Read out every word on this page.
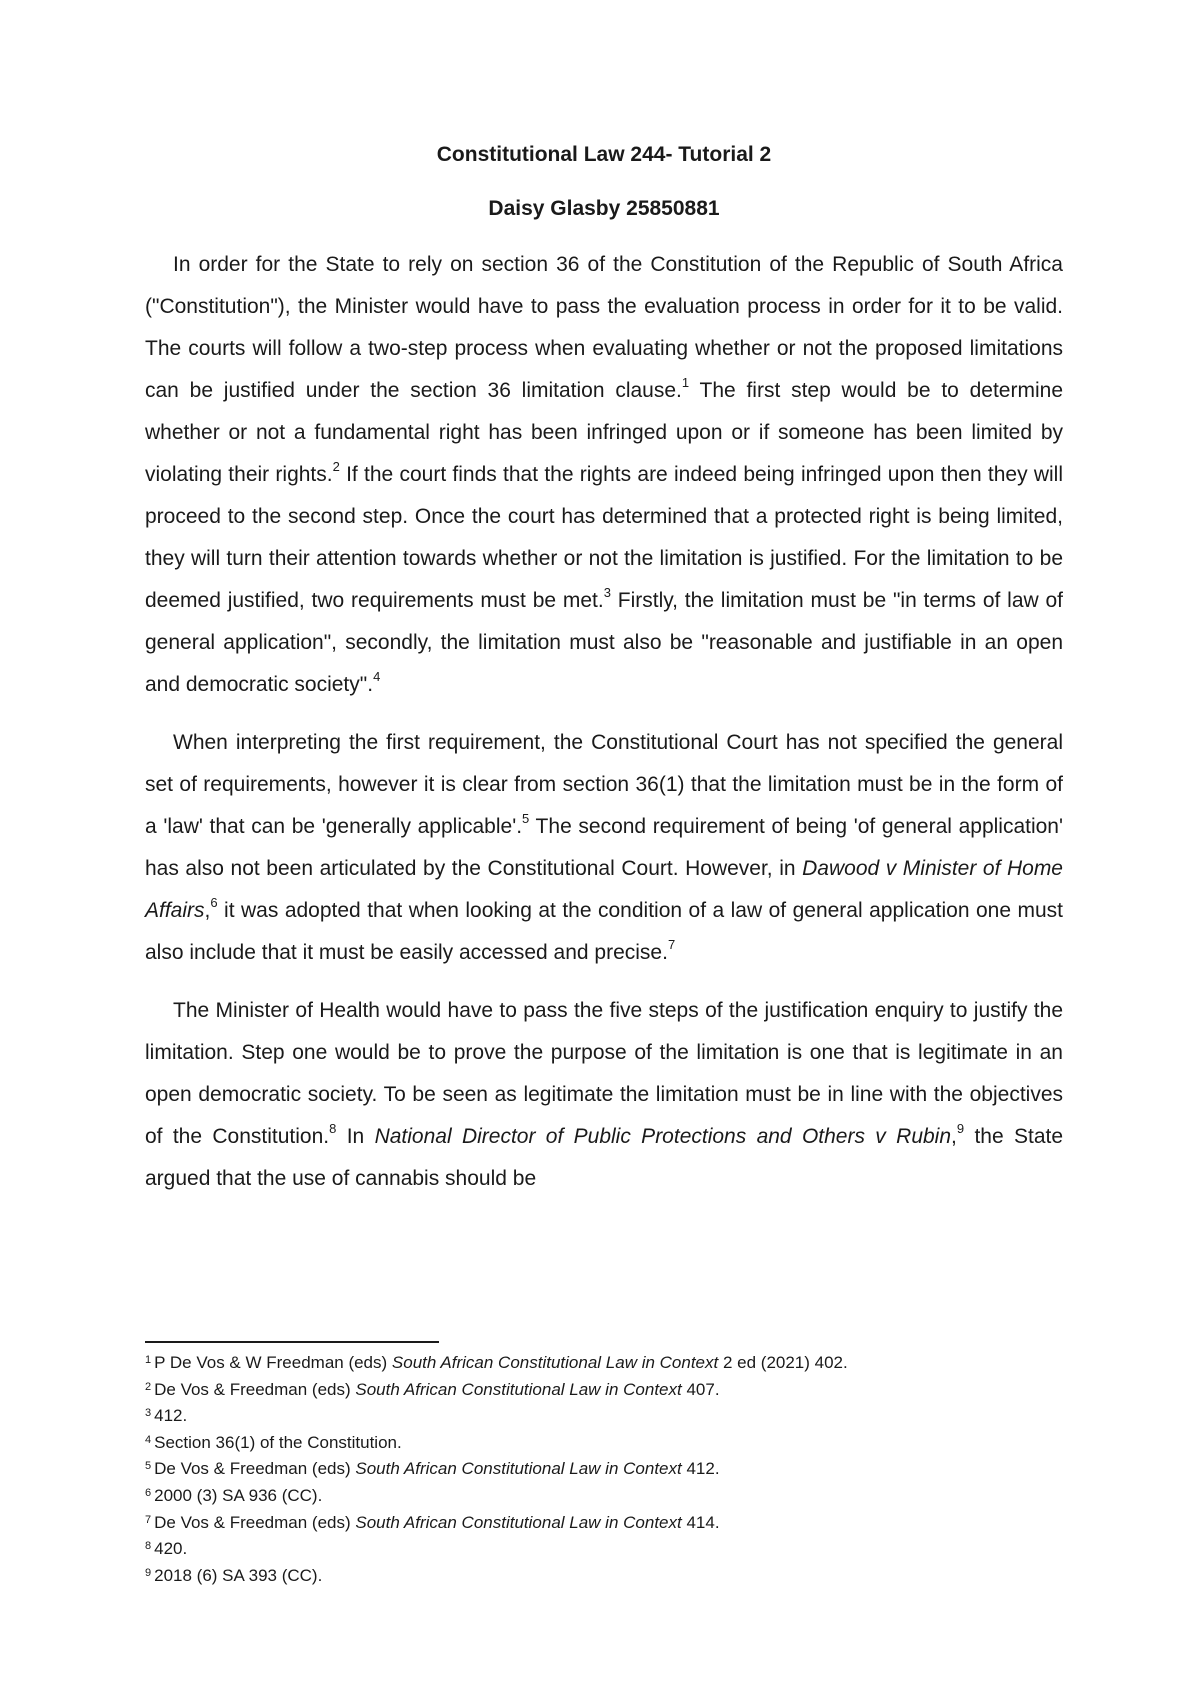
Constitutional Law 244- Tutorial 2
Daisy Glasby 25850881

In order for the State to rely on section 36 of the Constitution of the Republic of South Africa ("Constitution"), the Minister would have to pass the evaluation process in order for it to be valid. The courts will follow a two-step process when evaluating whether or not the proposed limitations can be justified under the section 36 limitation clause.$^1$ The first step would be to determine whether or not a fundamental right has been infringed upon or if someone has been limited by violating their rights.$^2$ If the court finds that the rights are indeed being infringed upon then they will proceed to the second step. Once the court has determined that a protected right is being limited, they will turn their attention towards whether or not the limitation is justified. For the limitation to be deemed justified, two requirements must be met.$^3$ Firstly, the limitation must be "in terms of law of general application", secondly, the limitation must also be "reasonable and justifiable in an open and democratic society".$^4$

When interpreting the first requirement, the Constitutional Court has not specified the general set of requirements, however it is clear from section 36(1) that the limitation must be in the form of a 'law' that can be 'generally applicable'.$^5$ The second requirement of being 'of general application' has also not been articulated by the Constitutional Court. However, in Dawood v Minister of Home Affairs,$^6$ it was adopted that when looking at the condition of a law of general application one must also include that it must be easily accessed and precise.$^7$

The Minister of Health would have to pass the five steps of the justification enquiry to justify the limitation. Step one would be to prove the purpose of the limitation is one that is legitimate in an open democratic society. To be seen as legitimate the limitation must be in line with the objectives of the Constitution.$^8$ In National Director of Public Protections and Others v Rubin,$^9$ the State argued that the use of cannabis should be

$^1$ P De Vos & W Freedman (eds) South African Constitutional Law in Context 2 ed (2021) 402.
$^2$ De Vos & Freedman (eds) South African Constitutional Law in Context 407.
$^3$ 412.
$^4$ Section 36(1) of the Constitution.
$^5$ De Vos & Freedman (eds) South African Constitutional Law in Context 412.
$^6$ 2000 (3) SA 936 (CC).
$^7$ De Vos & Freedman (eds) South African Constitutional Law in Context 414.
$^8$ 420.
$^9$ 2018 (6) SA 393 (CC).
